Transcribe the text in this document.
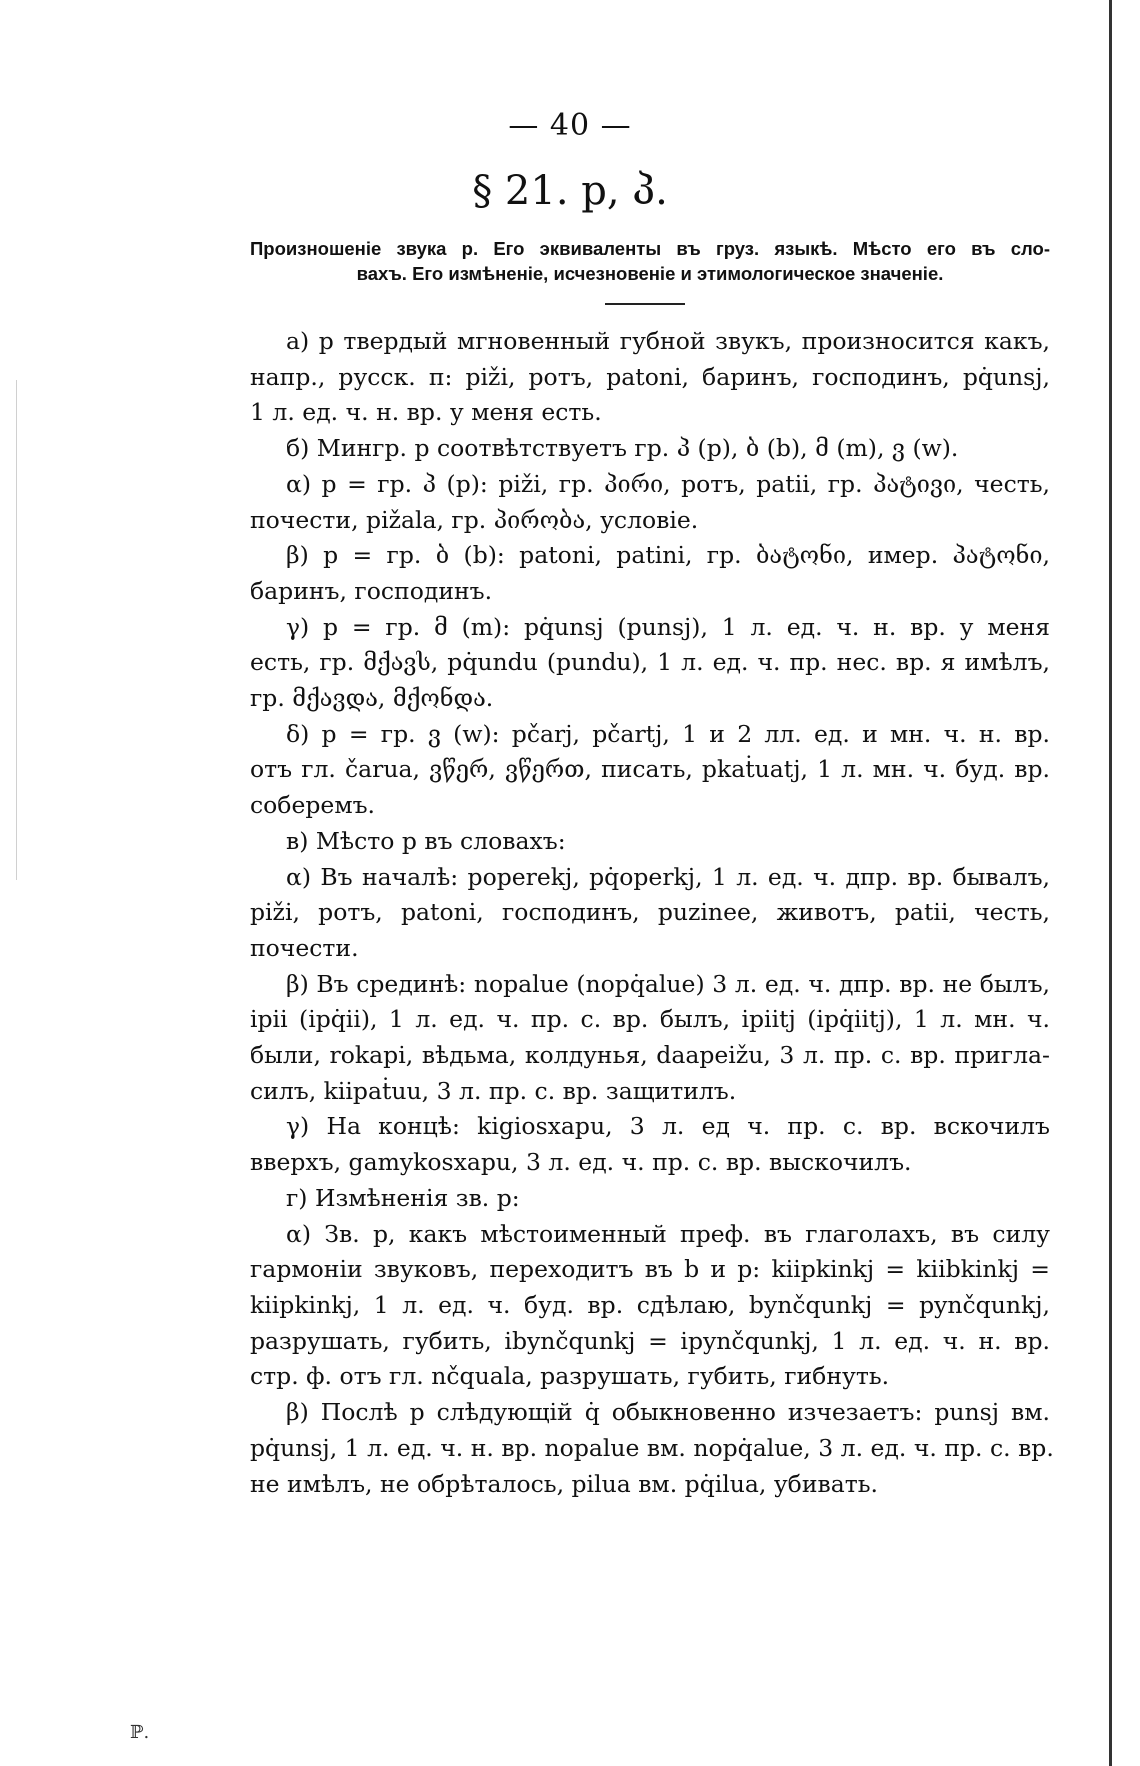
— 40 —
§ 21. p, პ.
Произношеніе звука p. Его эквиваленты въ груз. языкѣ. Мѣсто его въ сло-
вахъ. Его измѣненіе, исчезновеніе и этимологическое значеніе.
а) p твердый мгновенный губной звукъ, произносится какъ,
напр., русск. п: piži, ротъ, patoni, баринъ, господинъ, pq̇unsj,
1 л. ед. ч. н. вр. у меня есть.
б) Мингр. p соотвѣтствуетъ гр. პ (p), ბ (b), მ (m), ვ (w).
α) p = гр. პ (p): piži, гр. პირი, ротъ, patii, гр. პატივი, честь,
почести, pižala, гр. პირობა, условіе.
β) p = гр. ბ (b): patoni, patini, гр. ბატონი, имер. პატონი,
баринъ, господинъ.
γ) p = гр. მ (m): pq̇unsj (punsj), 1 л. ед. ч. н. вр. у меня
есть, гр. მქავს, pq̇undu (pundu), 1 л. ед. ч. пр. нес. вр. я имѣлъ,
гр. მქავდა, მქონდა.
δ) p = гр. ვ (w): pčarj, pčartj, 1 и 2 лл. ед. и мн. ч. н. вр.
отъ гл. čarua, ვწერ, ვწერთ, писать, pkaṫuatj, 1 л. мн. ч. буд. вр.
соберемъ.
в) Мѣсто p въ словахъ:
α) Въ началѣ: poperekj, pq̇operkj, 1 л. ед. ч. дпр. вр. бывалъ,
piži, ротъ, patoni, господинъ, puzinee, животъ, patii, честь,
почести.
β) Въ срединѣ: nopalue (nopq̇alue) 3 л. ед. ч. дпр. вр. не былъ,
ipii (ipq̇ii), 1 л. ед. ч. пр. с. вр. былъ, ipiitj (ipq̇iitj), 1 л. мн. ч.
были, rokapi, вѣдьма, колдунья, daapeižu, 3 л. пр. с. вр. пригла-
силъ, kiipaṫuu, 3 л. пр. с. вр. защитилъ.
γ) На концѣ: kigiosxapu, 3 л. ед ч. пр. с. вр. вскочилъ
вверхъ, gamykosxapu, 3 л. ед. ч. пр. с. вр. выскочилъ.
г) Измѣненія зв. p:
α) Зв. p, какъ мѣстоименный преф. въ глаголахъ, въ силу
гармоніи звуковъ, переходитъ въ b и p: kiipkinkj = kiibkinkj =
kiipkinkj, 1 л. ед. ч. буд. вр. сдѣлаю, bynčqunkj = pynčqunkj,
разрушать, губить, ibynčqunkj = ipynčqunkj, 1 л. ед. ч. н. вр.
стр. ф. отъ гл. nčquala, разрушать, губить, гибнуть.
β) Послѣ p слѣдующій q̇ обыкновенно изчезаетъ: punsj вм.
pq̇unsj, 1 л. ед. ч. н. вр. nopalue вм. nopq̇alue, 3 л. ед. ч. пр. с. вр.
не имѣлъ, не обрѣталось, pilua вм. pq̇ilua, убивать.
ℙ.
